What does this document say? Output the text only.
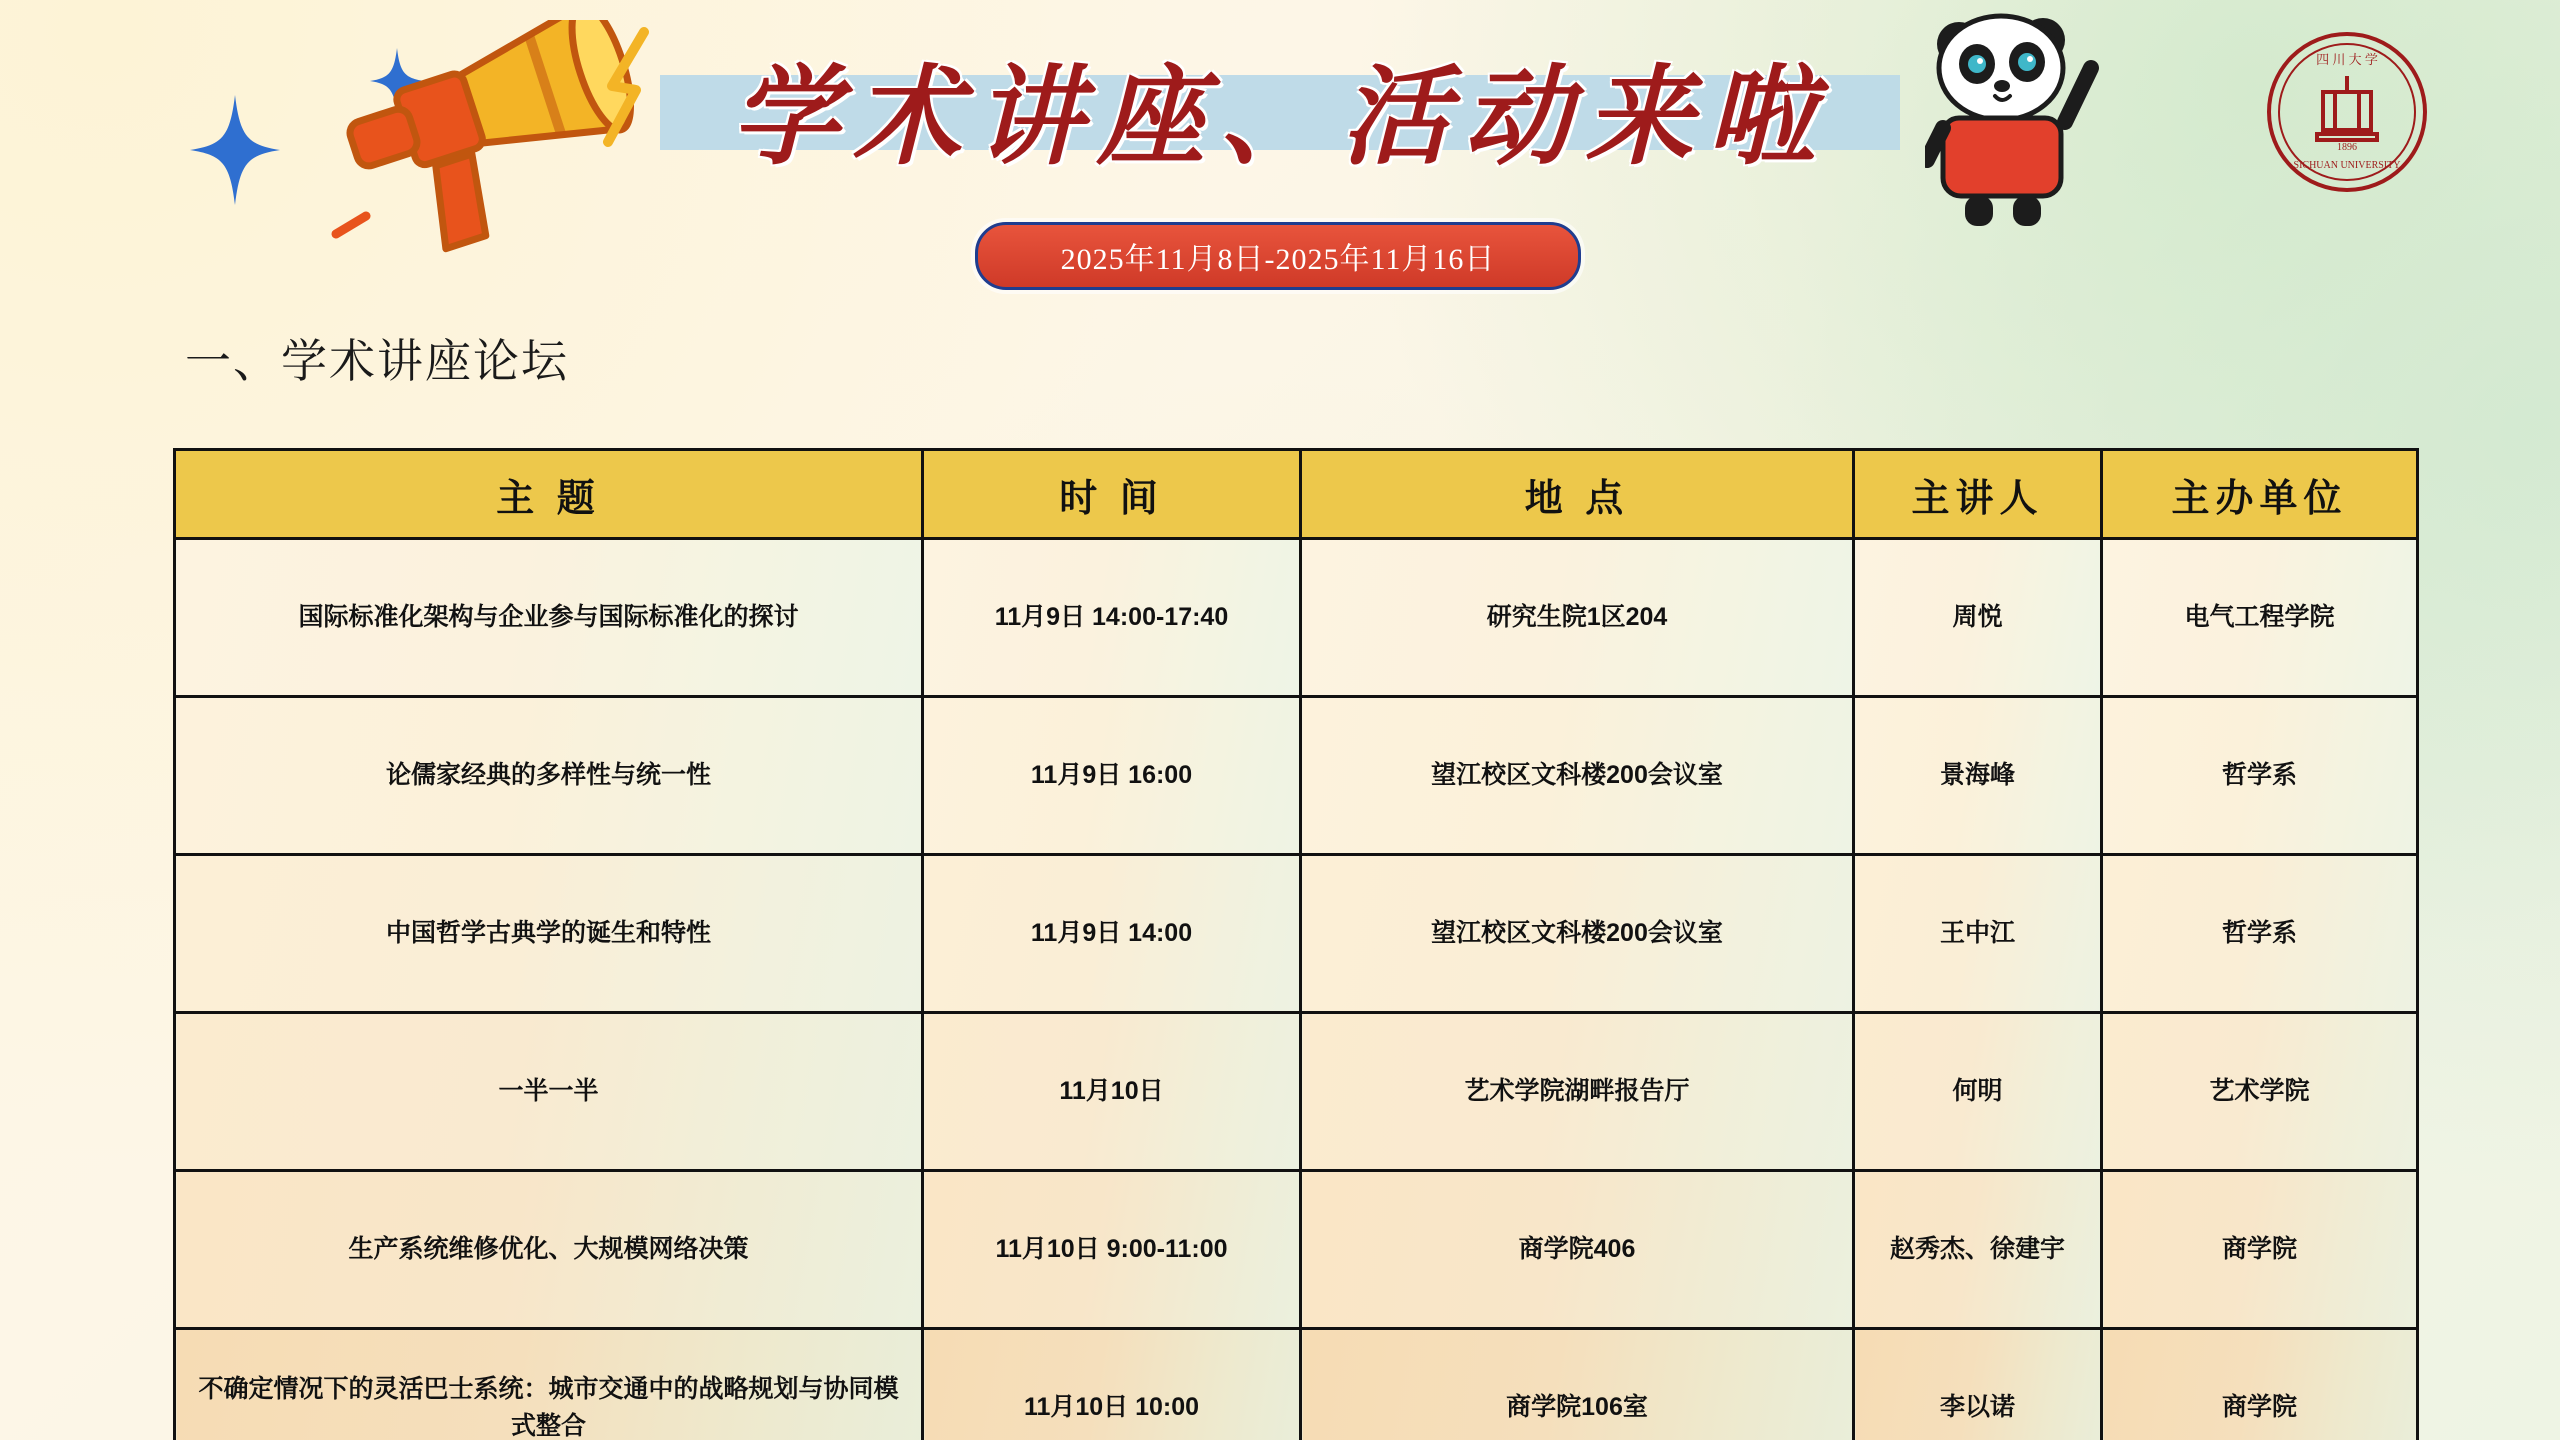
学术讲座、活动来啦
2025年11月8日-2025年11月16日
四 川 大 学
SICHUAN UNIVERSITY
1896
一、学术讲座论坛
主 题	时 间	地 点	主讲人	主办单位
国际标准化架构与企业参与国际标准化的探讨	11月9日 14:00-17:40	研究生院1区204	周悦	电气工程学院
论儒家经典的多样性与统一性	11月9日 16:00	望江校区文科楼200会议室	景海峰	哲学系
中国哲学古典学的诞生和特性	11月9日 14:00	望江校区文科楼200会议室	王中江	哲学系
一半一半	11月10日	艺术学院湖畔报告厅	何明	艺术学院
生产系统维修优化、大规模网络决策	11月10日 9:00-11:00	商学院406	赵秀杰、徐建宇	商学院
不确定情况下的灵活巴士系统：城市交通中的战略规划与协同模式整合	11月10日 10:00	商学院106室	李以诺	商学院
